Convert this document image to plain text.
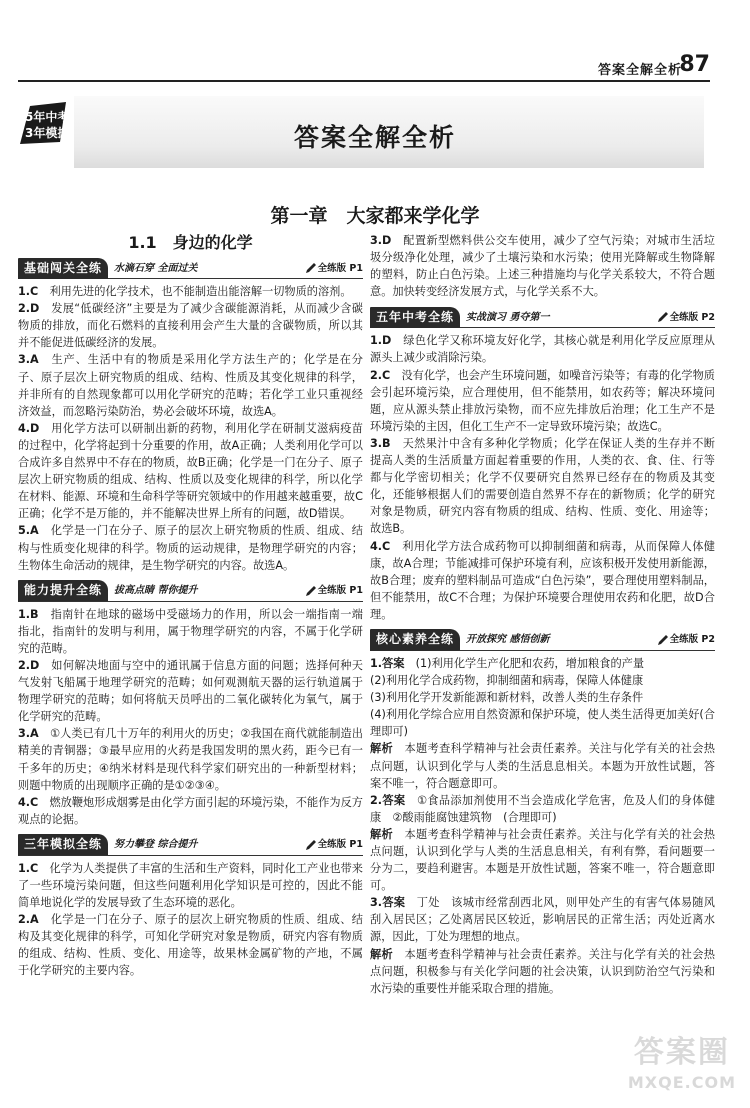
答案全解全析
87
5年中考
3年模拟	答案全解全析
第一章　大家都来学化学
1.1　身边的化学
基础闯关全练	水滴石穿 全面过关	全练版 P1

1.C　 利用先进的化学技术，也不能制造出能溶解一切物质的溶剂。

2.D　 发展“低碳经济”主要是为了减少含碳能源消耗，从而减少含碳物质的排放，而化石燃料的直接利用会产生大量的含碳物质，所以其并不能促进低碳经济的发展。

3.A　 生产、生活中有的物质是采用化学方法生产的；化学是在分子、原子层次上研究物质的组成、结构、性质及其变化规律的科学，并非所有的自然现象都可以用化学研究的范畴；若化学工业只重视经济效益，而忽略污染防治，势必会破坏环境，故选A。

4.D　 用化学方法可以研制出新的药物，利用化学在研制艾滋病疫苗的过程中，化学将起到十分重要的作用，故A正确；人类利用化学可以合成许多自然界中不存在的物质，故B正确；化学是一门在分子、原子层次上研究物质的组成、结构、性质以及变化规律的科学，所以化学在材料、能源、环境和生命科学等研究领域中的作用越来越重要，故C正确；化学不是万能的，并不能解决世界上所有的问题，故D错误。

5.A　 化学是一门在分子、原子的层次上研究物质的性质、组成、结构与性质变化规律的科学。物质的运动规律，是物理学研究的内容；生物体生命活动的规律，是生物学研究的内容。故选A。

能力提升全练	拔高点睛 帮你提升	全练版 P1

1.B　 指南针在地球的磁场中受磁场力的作用，所以会一端指南一端指北，指南针的发明与利用，属于物理学研究的内容，不属于化学研究的范畴。

2.D　 如何解决地面与空中的通讯属于信息方面的问题；选择何种天气发射飞船属于地理学研究的范畴；如何观测航天器的运行轨道属于物理学研究的范畴；如何将航天员呼出的二氧化碳转化为氧气，属于化学研究的范畴。

3.A　 ①人类已有几十万年的利用火的历史；②我国在商代就能制造出精美的青铜器；③最早应用的火药是我国发明的黑火药，距今已有一千多年的历史；④纳米材料是现代科学家们研究出的一种新型材料；则题中物质的出现顺序正确的是①②③④。

4.C　 燃放鞭炮形成烟雾是由化学方面引起的环境污染，不能作为反方观点的论据。

三年模拟全练	努力攀登 综合提升	全练版 P1

1.C　 化学为人类提供了丰富的生活和生产资料，同时化工产业也带来了一些环境污染问题，但这些问题利用化学知识是可控的，因此不能简单地说化学的发展导致了生态环境的恶化。

2.A　 化学是一门在分子、原子的层次上研究物质的性质、组成、结构及其变化规律的科学，可知化学研究对象是物质，研究内容有物质的组成、结构、性质、变化、用途等，故果林金属矿物的产地，不属于化学研究的主要内容。

3.D　 配置新型燃料供公交车使用，减少了空气污染；对城市生活垃圾分级净化处理，减少了土壤污染和水污染；使用光降解或生物降解的塑料，防止白色污染。上述三种措施均与化学关系较大，不符合题意。加快转变经济发展方式，与化学关系不大。

五年中考全练	实战演习 勇夺第一	全练版 P2

1.D　 绿色化学又称环境友好化学，其核心就是利用化学反应原理从源头上减少或消除污染。

2.C　 没有化学，也会产生环境问题，如噪音污染等；有毒的化学物质会引起环境污染，应合理使用，但不能禁用，如农药等；解决环境问题，应从源头禁止排放污染物，而不应先排放后治理；化工生产不是环境污染的主因，但化工生产不一定导致环境污染；故选C。

3.B　 天然果汁中含有多种化学物质；化学在保证人类的生存并不断提高人类的生活质量方面起着重要的作用，人类的衣、食、住、行等都与化学密切相关；化学不仅要研究自然界已经存在的物质及其变化，还能够根据人们的需要创造自然界不存在的新物质；化学的研究对象是物质，研究内容有物质的组成、结构、性质、变化、用途等；故选B。

4.C　 利用化学方法合成药物可以抑制细菌和病毒，从而保障人体健康，故A合理；节能减排可保护环境有利，应该积极开发使用新能源，故B合理；废弃的塑料制品可造成“白色污染”，要合理使用塑料制品，但不能禁用，故C不合理；为保护环境要合理使用农药和化肥，故D合理。

核心素养全练	开放探究 感悟创新	全练版 P2

1.答案　 (1)利用化学生产化肥和农药，增加粮食的产量

(2)利用化学合成药物，抑制细菌和病毒，保障人体健康

(3)利用化学开发新能源和新材料，改善人类的生存条件

(4)利用化学综合应用自然资源和保护环境，使人类生活得更加美好(合理即可)

解析　 本题考查科学精神与社会责任素养。关注与化学有关的社会热点问题，认识到化学与人类的生活息息相关。本题为开放性试题，答案不唯一，符合题意即可。

2.答案　 ①食品添加剂使用不当会造成化学危害，危及人们的身体健康　②酸雨能腐蚀建筑物　(合理即可)

解析　 本题考查科学精神与社会责任素养。关注与化学有关的社会热点问题，认识到化学与人类的生活息息相关，有利有弊，看问题要一分为二，要趋利避害。本题是开放性试题，答案不唯一，符合题意即可。

3.答案　 丁处　该城市经常刮西北风，则甲处产生的有害气体易随风刮入居民区；乙处离居民区较近，影响居民的正常生活；丙处近离水源，因此，丁处为理想的地点。

解析　 本题考查科学精神与社会责任素养。关注与化学有关的社会热点问题，积极参与有关化学问题的社会决策，认识到防治空气污染和水污染的重要性并能采取合理的措施。

答案圈
MXQE.COM
